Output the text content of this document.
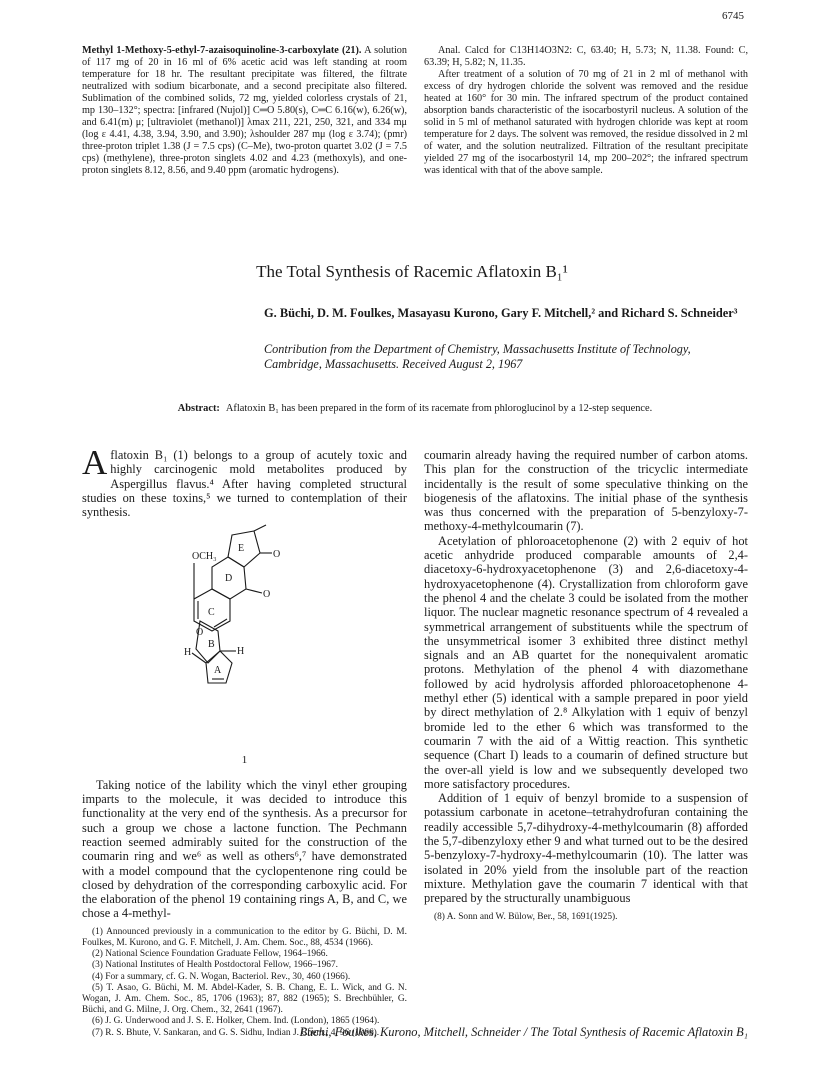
6745

Methyl 1-Methoxy-5-ethyl-7-azaisoquinoline-3-carboxylate (21). A solution of 117 mg of 20 in 16 ml of 6% acetic acid was left standing at room temperature for 18 hr. The resultant precipitate was filtered, the filtrate neutralized with sodium bicarbonate, and a second precipitate also filtered. Sublimation of the combined solids, 72 mg, yielded colorless crystals of 21, mp 130–132°; spectra: [infrared (Nujol)] C═O 5.80(s), C═C 6.16(w), 6.26(w), and 6.41(m) μ; [ultraviolet (methanol)] λmax 211, 221, 250, 321, and 334 mμ (log ε 4.41, 4.38, 3.94, 3.90, and 3.90); λshoulder 287 mμ (log ε 3.74); (pmr) three-proton triplet 1.38 (J = 7.5 cps) (C–Me), two-proton quartet 3.02 (J = 7.5 cps) (methylene), three-proton singlets 4.02 and 4.23 (methoxyls), and one-proton singlets 8.12, 8.56, and 9.40 ppm (aromatic hydrogens).

Anal. Calcd for C13H14O3N2: C, 63.40; H, 5.73; N, 11.38. Found: C, 63.39; H, 5.82; N, 11.35.

After treatment of a solution of 70 mg of 21 in 2 ml of methanol with excess of dry hydrogen chloride the solvent was removed and the residue heated at 160° for 30 min. The infrared spectrum of the product contained absorption bands characteristic of the isocarbostyril nucleus. A solution of the solid in 5 ml of methanol saturated with hydrogen chloride was kept at room temperature for 2 days. The solvent was removed, the residue dissolved in 2 ml of water, and the solution neutralized. Filtration of the resultant precipitate yielded 27 mg of the isocarbostyril 14, mp 200–202°; the infrared spectrum was identical with that of the above sample.

The Total Synthesis of Racemic Aflatoxin B₁¹
G. Büchi, D. M. Foulkes, Masayasu Kurono, Gary F. Mitchell,² and Richard S. Schneider³
Contribution from the Department of Chemistry, Massachusetts Institute of Technology, Cambridge, Massachusetts. Received August 2, 1967
Abstract: Aflatoxin B₁ has been prepared in the form of its racemate from phloroglucinol by a 12-step sequence.

Aflatoxin B₁ (1) belongs to a group of acutely toxic and highly carcinogenic mold metabolites produced by Aspergillus flavus.⁴ After having completed structural studies on these toxins,⁵ we turned to contemplation of their synthesis.

E
D
C
B
A
OCH₃	O
O
O
H
H
1

Taking notice of the lability which the vinyl ether grouping imparts to the molecule, it was decided to introduce this functionality at the very end of the synthesis. As a precursor for such a group we chose a lactone function. The Pechmann reaction seemed admirably suited for the construction of the coumarin ring and we⁶ as well as others⁶,⁷ have demonstrated with a model compound that the cyclopentenone ring could be closed by dehydration of the corresponding carboxylic acid. For the elaboration of the phenol 19 containing rings A, B, and C, we chose a 4-methyl-

(1) Announced previously in a communication to the editor by G. Büchi, D. M. Foulkes, M. Kurono, and G. F. Mitchell, J. Am. Chem. Soc., 88, 4534 (1966).

(2) National Science Foundation Graduate Fellow, 1964–1966.

(3) National Institutes of Health Postdoctoral Fellow, 1966–1967.

(4) For a summary, cf. G. N. Wogan, Bacteriol. Rev., 30, 460 (1966).

(5) T. Asao, G. Büchi, M. M. Abdel-Kader, S. B. Chang, E. L. Wick, and G. N. Wogan, J. Am. Chem. Soc., 85, 1706 (1963); 87, 882 (1965); S. Brechbühler, G. Büchi, and G. Milne, J. Org. Chem., 32, 2641 (1967).

(6) J. G. Underwood and J. S. E. Holker, Chem. Ind. (London), 1865 (1964).

(7) R. S. Bhute, V. Sankaran, and G. S. Sidhu, Indian J. Chem., 4, 96 (1966).

coumarin already having the required number of carbon atoms. This plan for the construction of the tricyclic intermediate incidentally is the result of some speculative thinking on the biogenesis of the aflatoxins. The initial phase of the synthesis was thus concerned with the preparation of 5-benzyloxy-7-methoxy-4-methylcoumarin (7).

Acetylation of phloroacetophenone (2) with 2 equiv of hot acetic anhydride produced comparable amounts of 2,4-diacetoxy-6-hydroxyacetophenone (3) and 2,6-diacetoxy-4-hydroxyacetophenone (4). Crystallization from chloroform gave the phenol 4 and the chelate 3 could be isolated from the mother liquor. The nuclear magnetic resonance spectrum of 4 revealed a symmetrical arrangement of substituents while the spectrum of the unsymmetrical isomer 3 exhibited three distinct methyl signals and an AB quartet for the nonequivalent aromatic protons. Methylation of the phenol 4 with diazomethane followed by acid hydrolysis afforded phloroacetophenone 4-methyl ether (5) identical with a sample prepared in poor yield by direct methylation of 2.⁸ Alkylation with 1 equiv of benzyl bromide led to the ether 6 which was transformed to the coumarin 7 with the aid of a Wittig reaction. This synthetic sequence (Chart I) leads to a coumarin of defined structure but the over-all yield is low and we subsequently developed two more satisfactory procedures.

Addition of 1 equiv of benzyl bromide to a suspension of potassium carbonate in acetone–tetrahydrofuran containing the readily accessible 5,7-dihydroxy-4-methylcoumarin (8) afforded the 5,7-dibenzyloxy ether 9 and what turned out to be the desired 5-benzyloxy-7-hydroxy-4-methylcoumarin (10). The latter was isolated in 20% yield from the insoluble part of the reaction mixture. Methylation gave the coumarin 7 identical with that prepared by the structurally unambiguous

(8) A. Sonn and W. Bülow, Ber., 58, 1691(1925).

Büchi, Foulkes, Kurono, Mitchell, Schneider / The Total Synthesis of Racemic Aflatoxin B₁
